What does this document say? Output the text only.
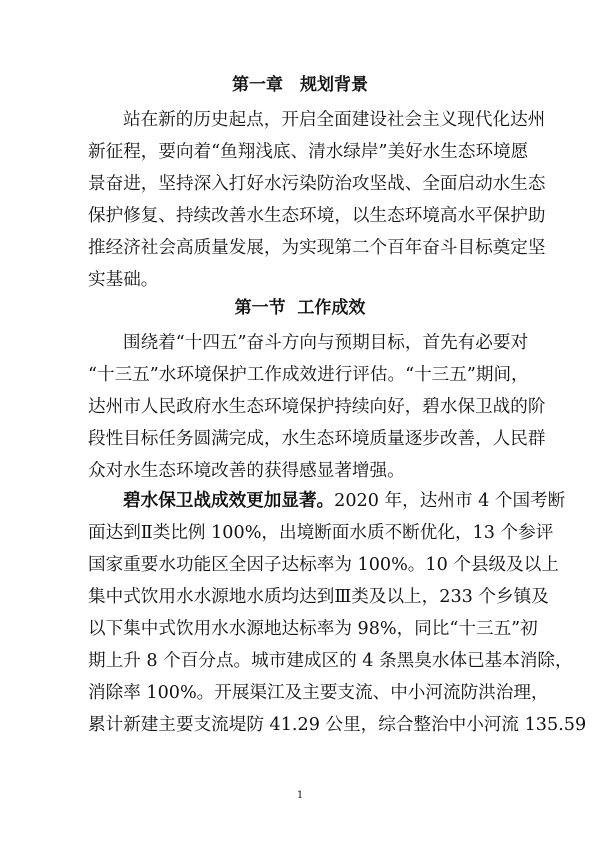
第一章　规划背景
站在新的历史起点，开启全面建设社会主义现代化达州
新征程，要向着“鱼翔浅底、清水绿岸”美好水生态环境愿
景奋进，坚持深入打好水污染防治攻坚战、全面启动水生态
保护修复、持续改善水生态环境，以生态环境高水平保护助
推经济社会高质量发展，为实现第二个百年奋斗目标奠定坚
实基础。
第一节  工作成效
围绕着“十四五”奋斗方向与预期目标，首先有必要对
“十三五”水环境保护工作成效进行评估。“十三五”期间，
达州市人民政府水生态环境保护持续向好，碧水保卫战的阶
段性目标任务圆满完成，水生态环境质量逐步改善，人民群
众对水生态环境改善的获得感显著增强。
碧水保卫战成效更加显著。2020 年，达州市 4 个国考断
面达到Ⅱ类比例 100%，出境断面水质不断优化，13 个参评
国家重要水功能区全因子达标率为 100%。10 个县级及以上
集中式饮用水水源地水质均达到Ⅲ类及以上，233 个乡镇及
以下集中式饮用水水源地达标率为 98%，同比“十三五”初
期上升 8 个百分点。城市建成区的 4 条黑臭水体已基本消除，
消除率 100%。开展渠江及主要支流、中小河流防洪治理，
累计新建主要支流堤防 41.29 公里，综合整治中小河流 135.59
1
